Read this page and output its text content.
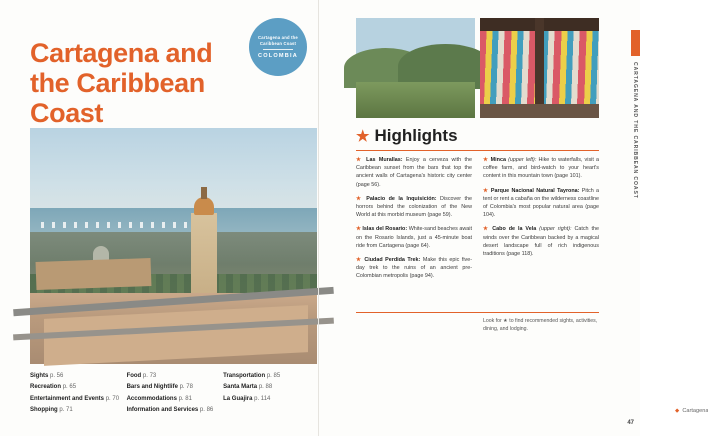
Cartagena and the Caribbean Coast
Cartagena and the Caribbean Coast
COLOMBIA
Sights p. 56
Recreation p. 65
Entertainment and Events p. 70
Shopping p. 71
Food p. 73
Bars and Nightlife p. 78
Accommodations p. 81
Information and Services p. 86
Transportation p. 85
Santa Marta p. 88
La Guajira p. 114
★ Highlights
★ Las Murallas: Enjoy a cerveza with the Caribbean sunset from the bars that top the ancient walls of Cartagena's historic city center (page 56).
★ Palacio de la Inquisición: Discover the horrors behind the colonization of the New World at this morbid museum (page 59).
★ Islas del Rosario: White-sand beaches await on the Rosario Islands, just a 45-minute boat ride from Cartagena (page 64).
★ Ciudad Perdida Trek: Make this epic five-day trek to the ruins of an ancient pre-Colombian metropolis (page 94).
★ Minca (upper left): Hike to waterfalls, visit a coffee farm, and bird-watch to your heart's content in this mountain town (page 101).
★ Parque Nacional Natural Tayrona: Pitch a tent or rent a cabaña on the wilderness coastline of Colombia's most popular natural area (page 104).
★ Cabo de la Vela (upper right): Catch the winds over the Caribbean backed by a magical desert landscape full of rich indigenous traditions (page 118).
Look for ★ to find recommended sights, activities, dining, and lodging.
◆ Cartagena
CARTAGENA AND THE CARIBBEAN COAST
47
